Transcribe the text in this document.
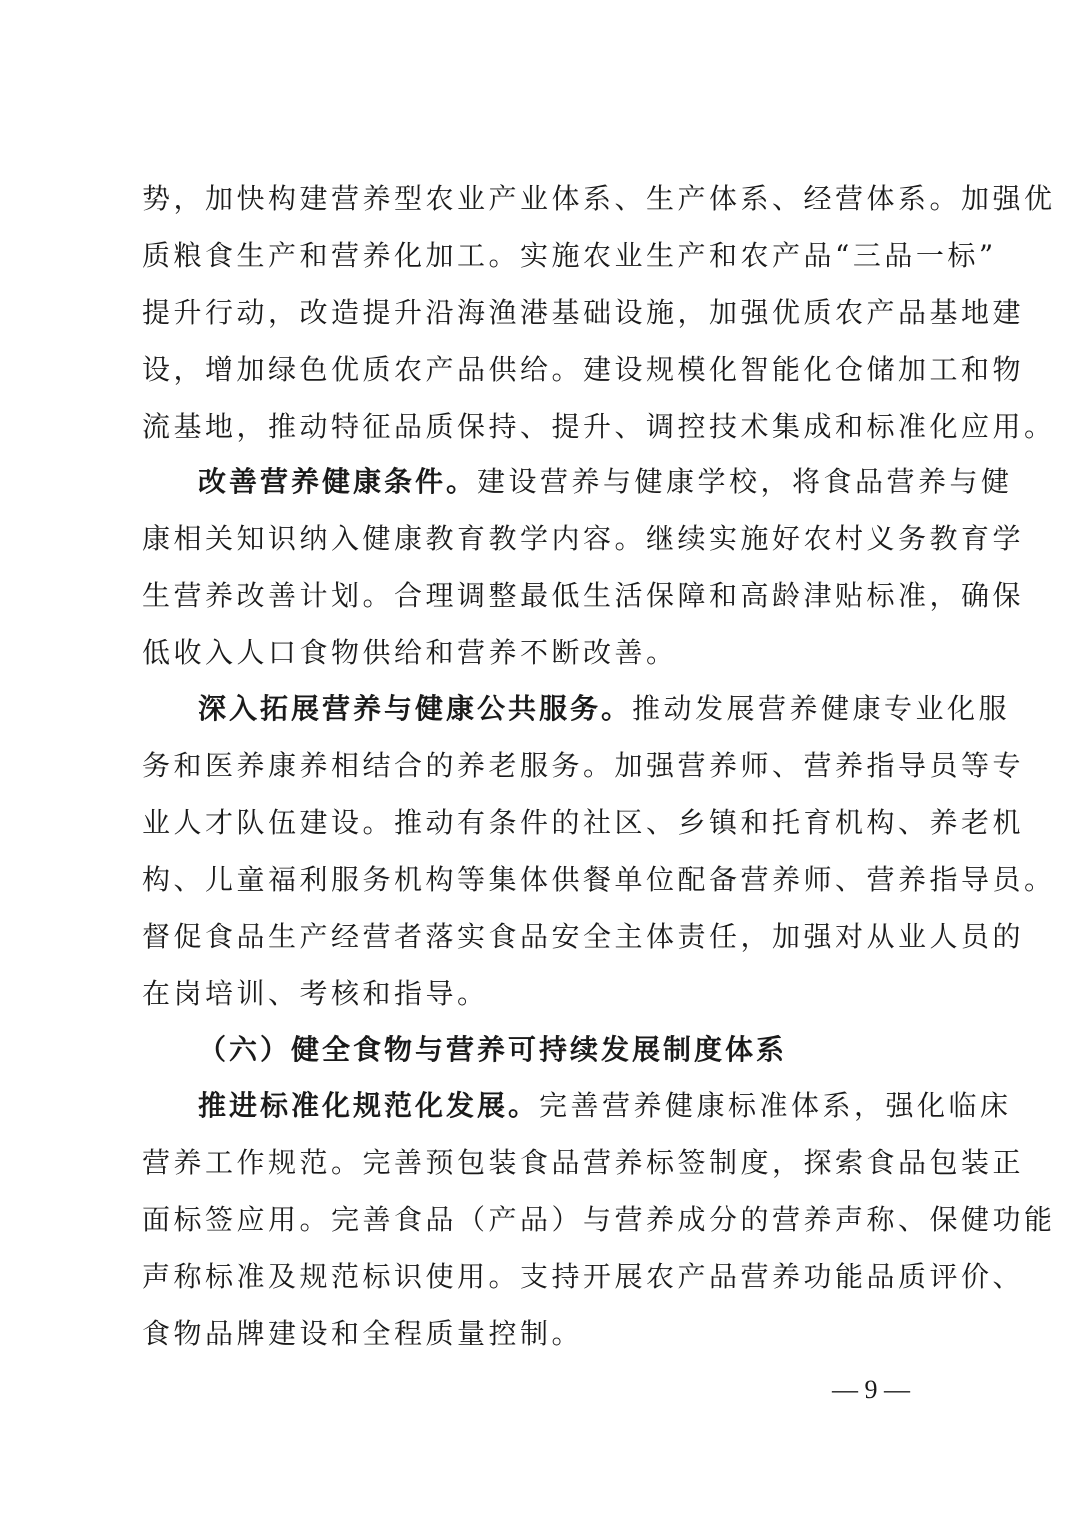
势，加快构建营养型农业产业体系、生产体系、经营体系。加强优
质粮食生产和营养化加工。实施农业生产和农产品“三品一标”
提升行动，改造提升沿海渔港基础设施，加强优质农产品基地建
设，增加绿色优质农产品供给。建设规模化智能化仓储加工和物
流基地，推动特征品质保持、提升、调控技术集成和标准化应用。
改善营养健康条件。建设营养与健康学校，将食品营养与健
康相关知识纳入健康教育教学内容。继续实施好农村义务教育学
生营养改善计划。合理调整最低生活保障和高龄津贴标准，确保
低收入人口食物供给和营养不断改善。
深入拓展营养与健康公共服务。推动发展营养健康专业化服
务和医养康养相结合的养老服务。加强营养师、营养指导员等专
业人才队伍建设。推动有条件的社区、乡镇和托育机构、养老机
构、儿童福利服务机构等集体供餐单位配备营养师、营养指导员。
督促食品生产经营者落实食品安全主体责任，加强对从业人员的
在岗培训、考核和指导。
（六）健全食物与营养可持续发展制度体系
推进标准化规范化发展。完善营养健康标准体系，强化临床
营养工作规范。完善预包装食品营养标签制度，探索食品包装正
面标签应用。完善食品（产品）与营养成分的营养声称、保健功能
声称标准及规范标识使用。支持开展农产品营养功能品质评价、
食物品牌建设和全程质量控制。
— 9 —
